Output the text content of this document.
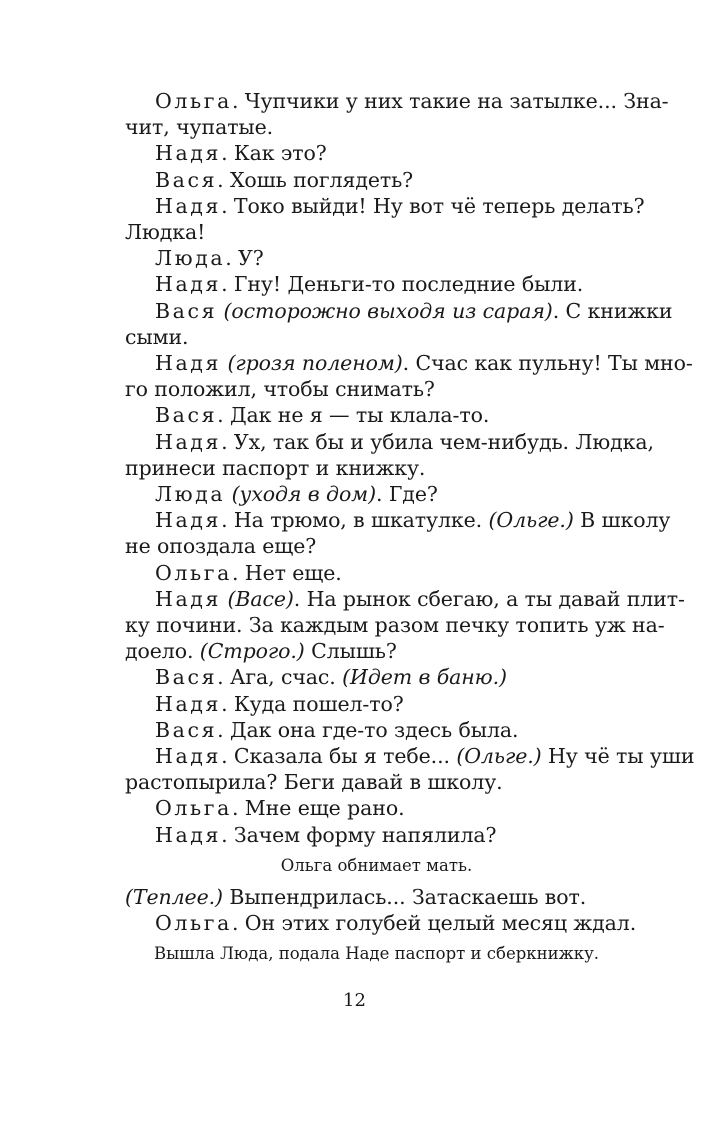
Ольга. Чупчики у них такие на затылке... Зна-
чит, чупатые.
Надя. Как это?
Вася. Хошь поглядеть?
Надя. Токо выйди! Ну вот чё теперь делать?
Людка!
Люда. У?
Надя. Гну! Деньги-то последние были.
Вася (осторожно выходя из сарая). С книжки
сыми.
Надя (грозя поленом). Счас как пульну! Ты мно-
го положил, чтобы снимать?
Вася. Дак не я — ты клала-то.
Надя. Ух, так бы и убила чем-нибудь. Людка,
принеси паспорт и книжку.
Люда (уходя в дом). Где?
Надя. На трюмо, в шкатулке. (Ольге.) В школу
не опоздала еще?
Ольга. Нет еще.
Надя (Васе). На рынок сбегаю, а ты давай плит-
ку почини. За каждым разом печку топить уж на-
доело. (Строго.) Слышь?
Вася. Ага, счас. (Идет в баню.)
Надя. Куда пошел-то?
Вася. Дак она где-то здесь была.
Надя. Сказала бы я тебе... (Ольге.) Ну чё ты уши
растопырила? Беги давай в школу.
Ольга. Мне еще рано.
Надя. Зачем форму напялила?
Ольга обнимает мать.
(Теплее.) Выпендрилась... Затаскаешь вот.
Ольга. Он этих голубей целый месяц ждал.
Вышла Люда, подала Наде паспорт и сберкнижку.
12
